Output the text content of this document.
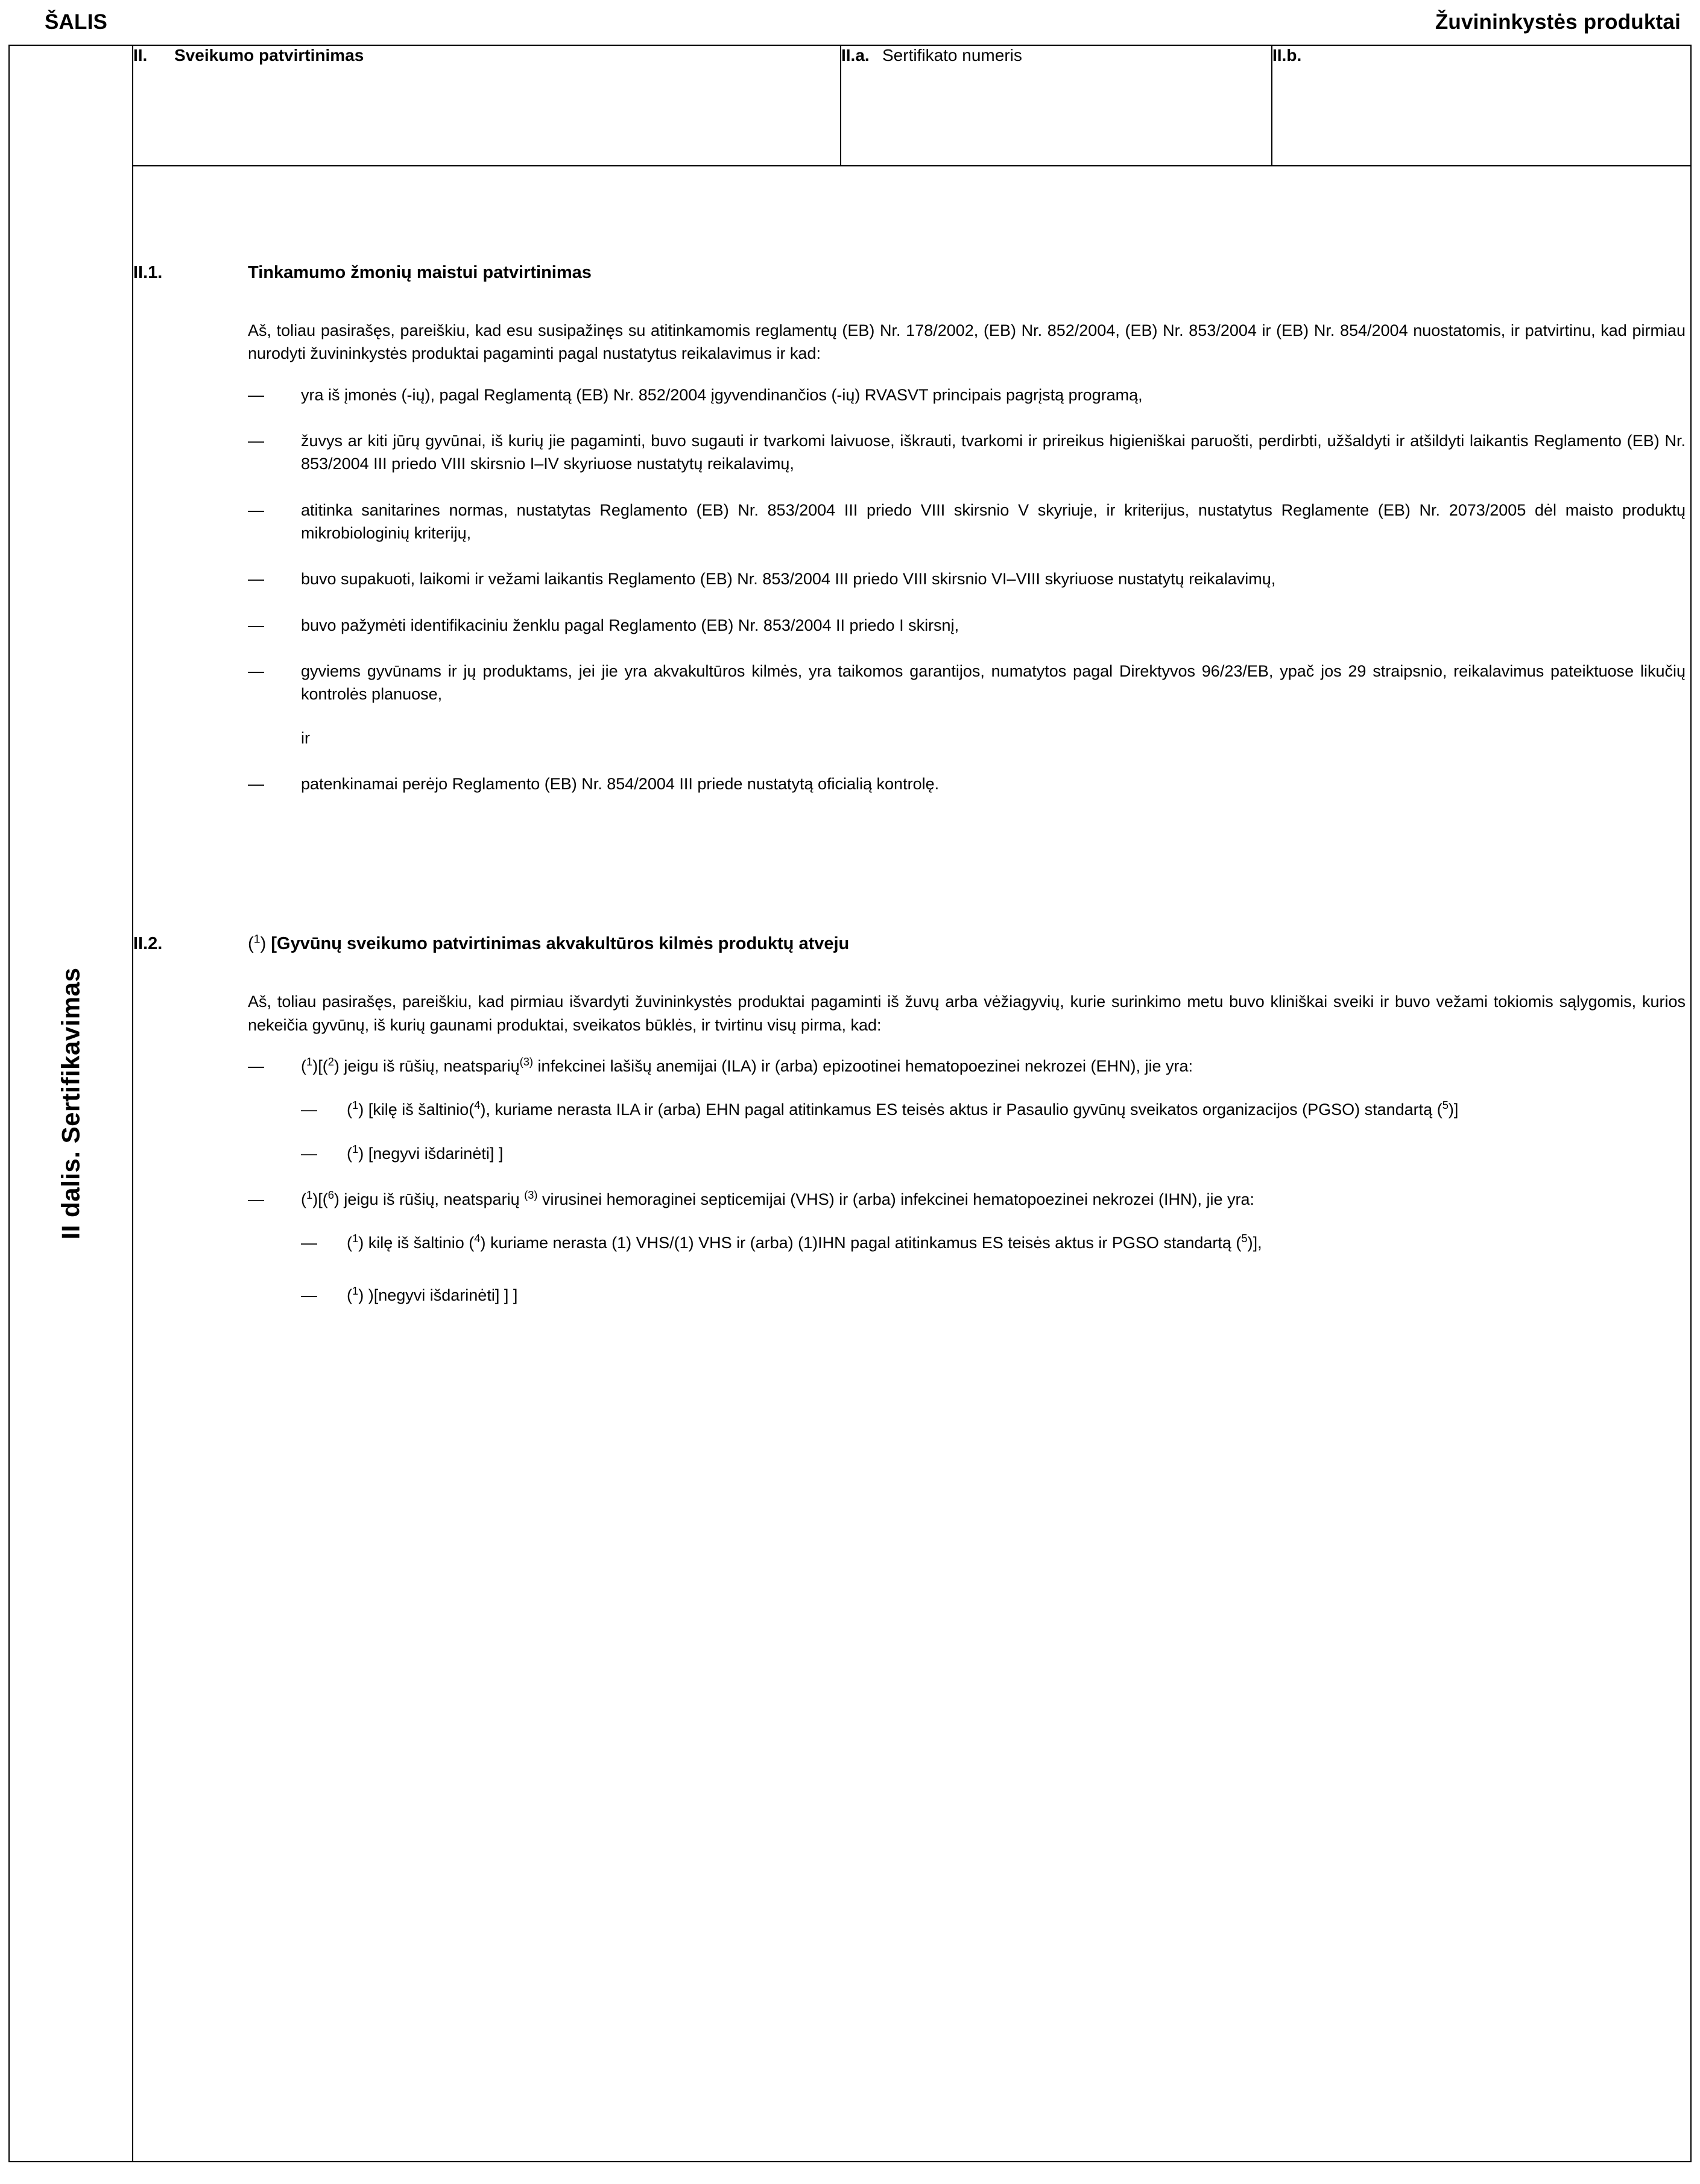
ŠALIS	Žuvininkystės produktai
II dalis. Sertifikavimas

II.	Sveikumo patvirtinimas	II.a. Sertifikato numeris	II.b.

II.1.	Tinkamumo žmonių maistui patvirtinimas
Aš, toliau pasirašęs, pareiškiu, kad esu susipažinęs su atitinkamomis reglamentų (EB) Nr. 178/2002, (EB) Nr. 852/2004, (EB) Nr. 853/2004 ir (EB) Nr. 854/2004 nuostatomis, ir patvirtinu, kad pirmiau nurodyti žuvininkystės produktai pagaminti pagal nustatytus reikalavimus ir kad:
—	yra iš įmonės (-ių), pagal Reglamentą (EB) Nr. 852/2004 įgyvendinančios (-ių) RVASVT principais pagrįstą programą,
—	žuvys ar kiti jūrų gyvūnai, iš kurių jie pagaminti, buvo sugauti ir tvarkomi laivuose, iškrauti, tvarkomi ir prireikus higieniškai paruošti, perdirbti, užšaldyti ir atšildyti laikantis Reglamento (EB) Nr. 853/2004 III priedo VIII skirsnio I–IV skyriuose nustatytų reikalavimų,
—	atitinka sanitarines normas, nustatytas Reglamento (EB) Nr. 853/2004 III priedo VIII skirsnio V skyriuje, ir kriterijus, nustatytus Reglamente (EB) Nr. 2073/2005 dėl maisto produktų mikrobiologinių kriterijų,
—	buvo supakuoti, laikomi ir vežami laikantis Reglamento (EB) Nr. 853/2004 III priedo VIII skirsnio VI–VIII skyriuose nustatytų reikalavimų,
—	buvo pažymėti identifikaciniu ženklu pagal Reglamento (EB) Nr. 853/2004 II priedo I skirsnį,
—	gyviems gyvūnams ir jų produktams, jei jie yra akvakultūros kilmės, yra taikomos garantijos, numatytos pagal Direktyvos 96/23/EB, ypač jos 29 straipsnio, reikalavimus pateiktuose likučių kontrolės planuose,
ir
—	patenkinamai perėjo Reglamento (EB) Nr. 854/2004 III priede nustatytą oficialią kontrolę.
II.2.	($^1$) [Gyvūnų sveikumo patvirtinimas akvakultūros kilmės produktų atveju
Aš, toliau pasirašęs, pareiškiu, kad pirmiau išvardyti žuvininkystės produktai pagaminti iš žuvų arba vėžiagyvių, kurie surinkimo metu buvo kliniškai sveiki ir buvo vežami tokiomis sąlygomis, kurios nekeičia gyvūnų, iš kurių gaunami produktai, sveikatos būklės, ir tvirtinu visų pirma, kad:
—	($^1$)[($^2$) jeigu iš rūšių, neatsparių$^{(3)}$ infekcinei lašišų anemijai (ILA) ir (arba) epizootinei hematopoezinei nekrozei (EHN), jie yra:
—	($^1$) [kilę iš šaltinio($^4$), kuriame nerasta ILA ir (arba) EHN pagal atitinkamus ES teisės aktus ir Pasaulio gyvūnų sveikatos organizacijos (PGSO) standartą ($^5$)]
—	($^1$) [negyvi išdarinėti] ]
—	($^1$)[($^6$) jeigu iš rūšių, neatsparių $^{(3)}$ virusinei hemoraginei septicemijai (VHS) ir (arba) infekcinei hematopoezinei nekrozei (IHN), jie yra:
—	($^1$) kilę iš šaltinio ($^4$) kuriame nerasta (1) VHS/(1) VHS ir (arba) (1)IHN pagal atitinkamus ES teisės aktus ir PGSO standartą ($^5$)],
—	($^1$) )[negyvi išdarinėti] ] ]
